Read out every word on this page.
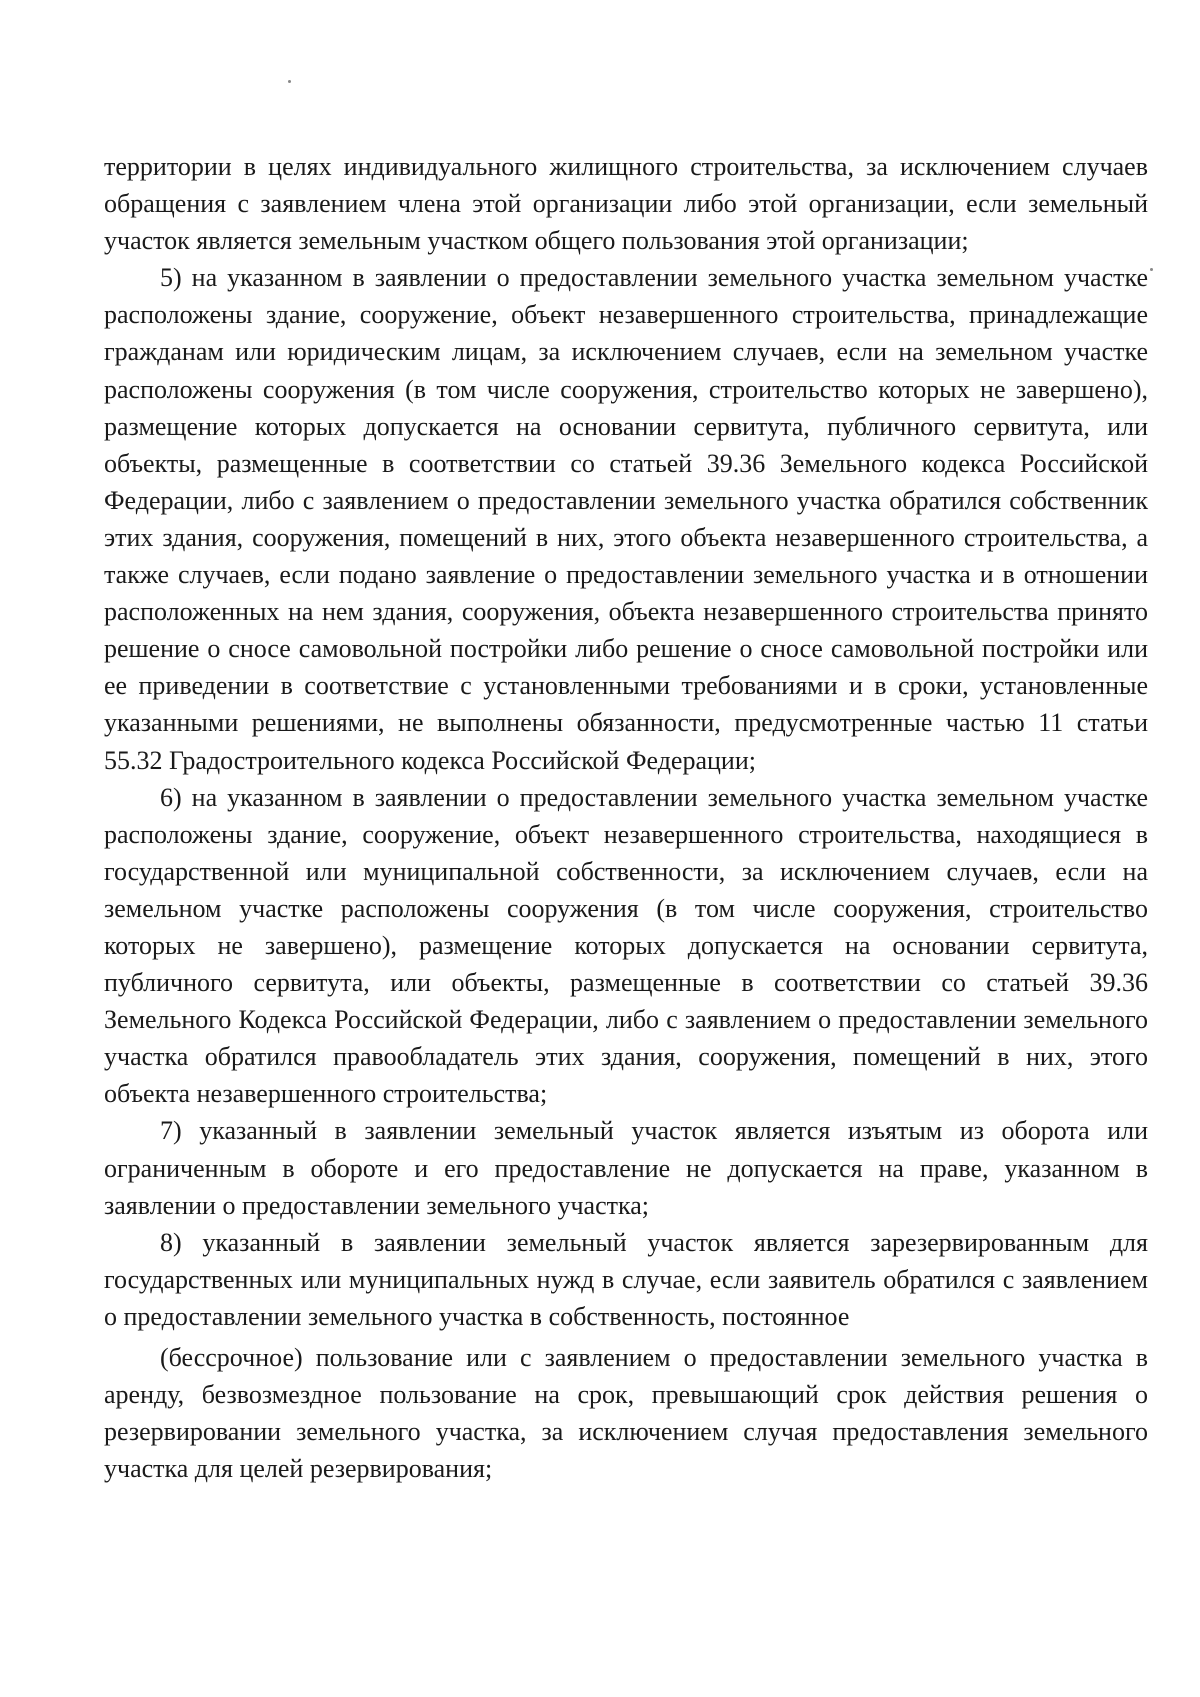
территории в целях индивидуального жилищного строительства, за исключением случаев обращения с заявлением члена этой организации либо этой организации, если земельный участок является земельным участком общего пользования этой организации;

5) на указанном в заявлении о предоставлении земельного участка земельном участке расположены здание, сооружение, объект незавершенного строительства, принадлежащие гражданам или юридическим лицам, за исключением случаев, если на земельном участке расположены сооружения (в том числе сооружения, строительство которых не завершено), размещение которых допускается на основании сервитута, публичного сервитута, или объекты, размещенные в соответствии со статьей 39.36 Земельного кодекса Российской Федерации, либо с заявлением о предоставлении земельного участка обратился собственник этих здания, сооружения, помещений в них, этого объекта незавершенного строительства, а также случаев, если подано заявление о предоставлении земельного участка и в отношении расположенных на нем здания, сооружения, объекта незавершенного строительства принято решение о сносе самовольной постройки либо решение о сносе самовольной постройки или ее приведении в соответствие с установленными требованиями и в сроки, установленные указанными решениями, не выполнены обязанности, предусмотренные частью 11 статьи 55.32 Градостроительного кодекса Российской Федерации;

6) на указанном в заявлении о предоставлении земельного участка земельном участке расположены здание, сооружение, объект незавершенного строительства, находящиеся в государственной или муниципальной собственности, за исключением случаев, если на земельном участке расположены сооружения (в том числе сооружения, строительство которых не завершено), размещение которых допускается на основании сервитута, публичного сервитута, или объекты, размещенные в соответствии со статьей 39.36 Земельного Кодекса Российской Федерации, либо с заявлением о предоставлении земельного участка обратился правообладатель этих здания, сооружения, помещений в них, этого объекта незавершенного строительства;

7) указанный в заявлении земельный участок является изъятым из оборота или ограниченным в обороте и его предоставление не допускается на праве, указанном в заявлении о предоставлении земельного участка;

8) указанный в заявлении земельный участок является зарезервированным для государственных или муниципальных нужд в случае, если заявитель обратился с заявлением о предоставлении земельного участка в собственность, постоянное

(бессрочное) пользование или с заявлением о предоставлении земельного участка в аренду, безвозмездное пользование на срок, превышающий срок действия решения о резервировании земельного участка, за исключением случая предоставления земельного участка для целей резервирования;
